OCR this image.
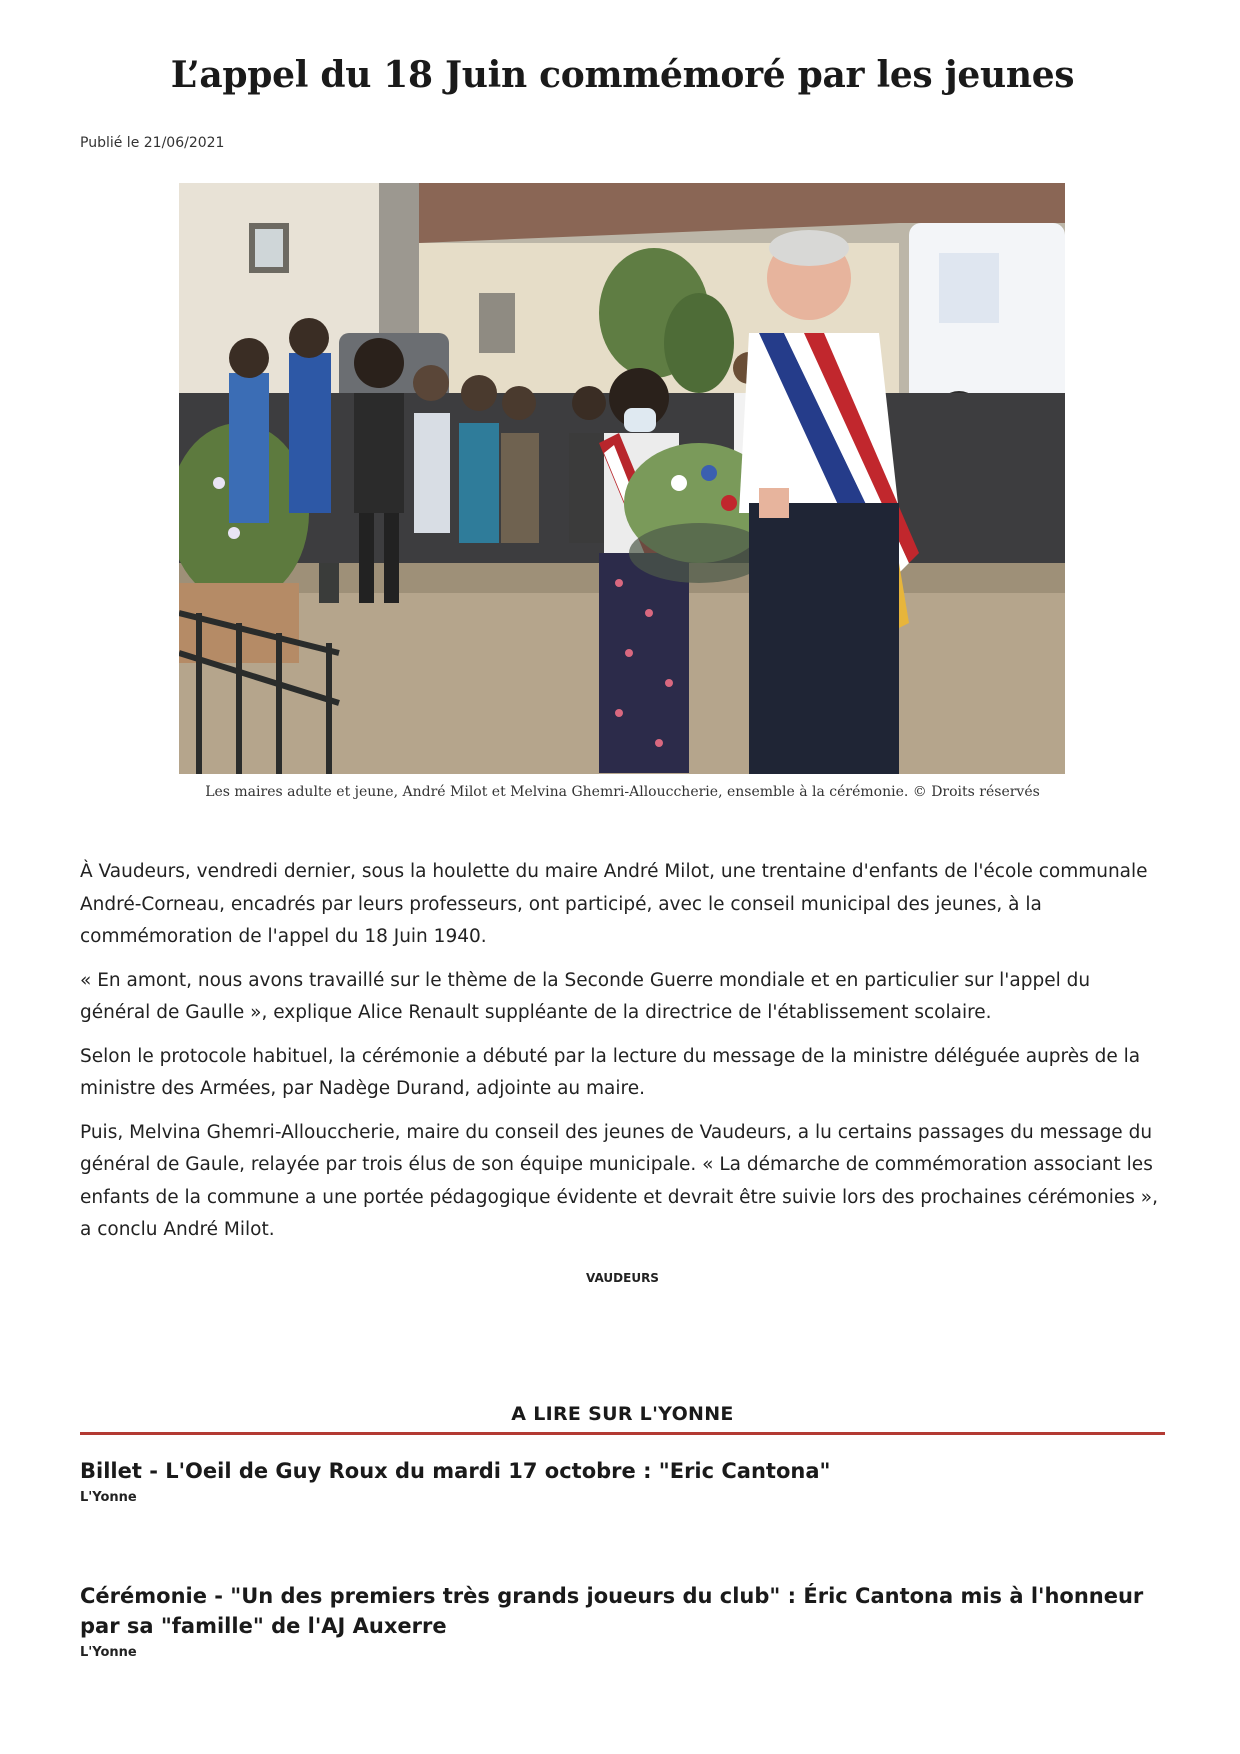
L’appel du 18 Juin commémoré par les jeunes
Publié le 21/06/2021
Les maires adulte et jeune, André Milot et Melvina Ghemri-Allouccherie, ensemble à la cérémonie. © Droits réservés

À Vaudeurs, vendredi dernier, sous la houlette du maire André Milot, une trentaine d'enfants de l'école communale André-Corneau, encadrés par leurs professeurs, ont participé, avec le conseil municipal des jeunes, à la commémoration de l'appel du 18 Juin 1940.

« En amont, nous avons travaillé sur le thème de la Seconde Guerre mondiale et en particulier sur l'appel du général de Gaulle », explique Alice Renault suppléante de la directrice de l'établissement scolaire.

Selon le protocole habituel, la cérémonie a débuté par la lecture du message de la ministre déléguée auprès de la ministre des Armées, par Nadège Durand, adjointe au maire.

Puis, Melvina Ghemri-Allouccherie, maire du conseil des jeunes de Vaudeurs, a lu certains passages du message du général de Gaule, relayée par trois élus de son équipe municipale. « La démarche de commémoration associant les enfants de la commune a une portée pédagogique évidente et devrait être suivie lors des prochaines cérémonies », a conclu André Milot.

VAUDEURS
A LIRE SUR L'YONNE
Billet - L'Oeil de Guy Roux du mardi 17 octobre : "Eric Cantona"
L'Yonne
Cérémonie - "Un des premiers très grands joueurs du club" : Éric Cantona mis à l'honneur par sa "famille" de l'AJ Auxerre
L'Yonne
